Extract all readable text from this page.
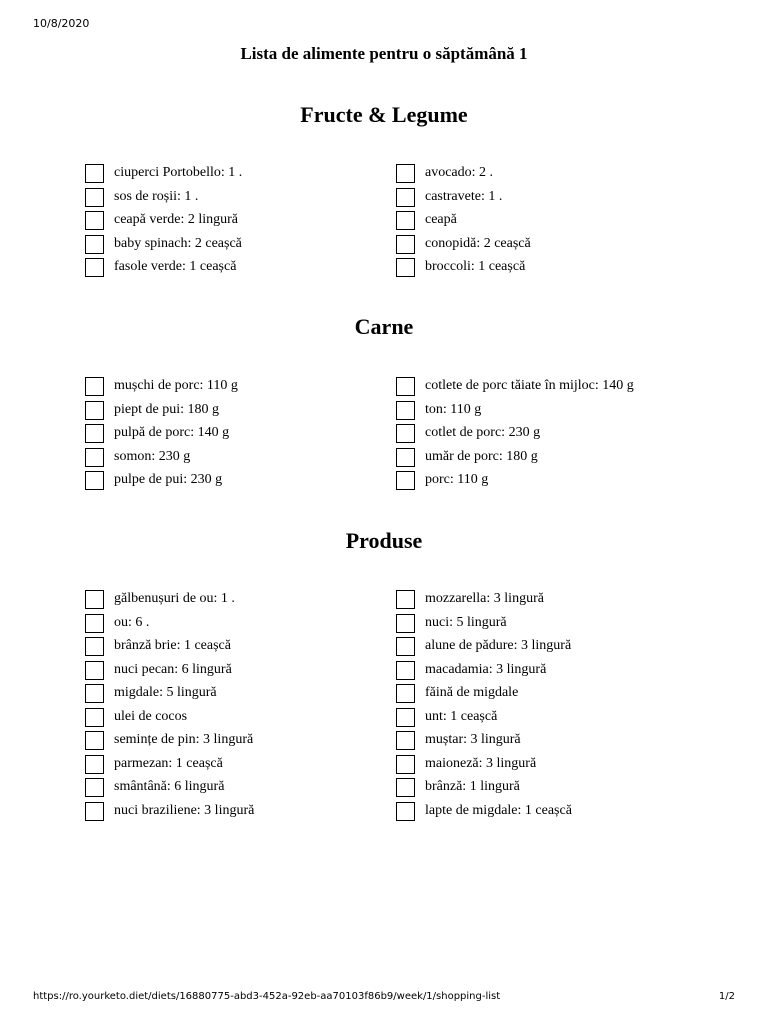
10/8/2020
Lista de alimente pentru o săptămână 1
Fructe & Legume
ciuperci Portobello: 1 .
sos de roșii: 1 .
ceapă verde: 2 lingură
baby spinach: 2 ceașcă
fasole verde: 1 ceașcă
avocado: 2 .
castravete: 1 .
ceapă
conopidă: 2 ceașcă
broccoli: 1 ceașcă
Carne
mușchi de porc: 110 g
piept de pui: 180 g
pulpă de porc: 140 g
somon: 230 g
pulpe de pui: 230 g
cotlete de porc tăiate în mijloc: 140 g
ton: 110 g
cotlet de porc: 230 g
umăr de porc: 180 g
porc: 110 g
Produse
gălbenușuri de ou: 1 .
ou: 6 .
brânză brie: 1 ceașcă
nuci pecan: 6 lingură
migdale: 5 lingură
ulei de cocos
semințe de pin: 3 lingură
parmezan: 1 ceașcă
smântână: 6 lingură
nuci braziliene: 3 lingură
mozzarella: 3 lingură
nuci: 5 lingură
alune de pădure: 3 lingură
macadamia: 3 lingură
făină de migdale
unt: 1 ceașcă
muștar: 3 lingură
maioneză: 3 lingură
brânză: 1 lingură
lapte de migdale: 1 ceașcă
https://ro.yourketo.diet/diets/16880775-abd3-452a-92eb-aa70103f86b9/week/1/shopping-list	1/2
